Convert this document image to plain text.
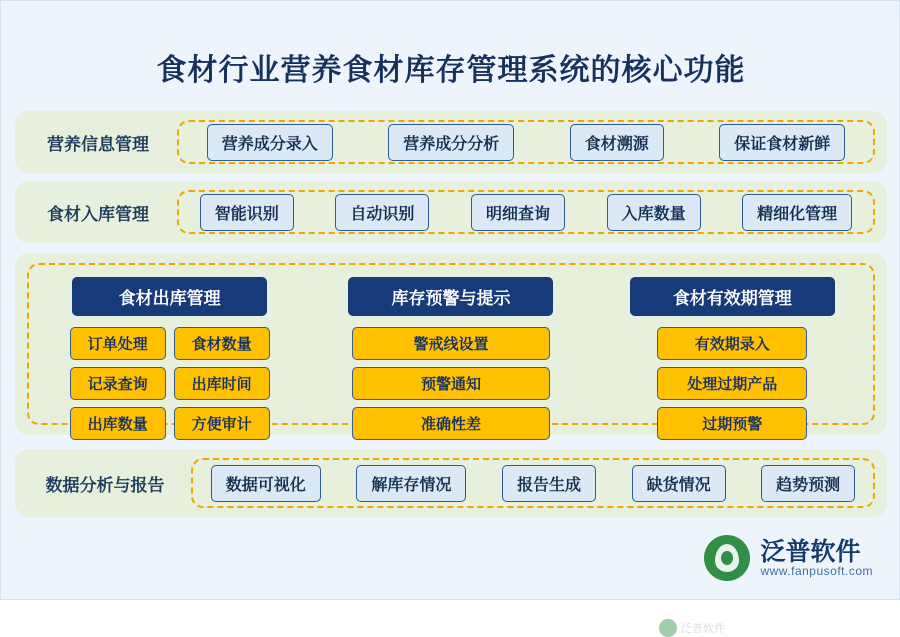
食材行业营养食材库存管理系统的核心功能
营养信息管理	营养成分录入	营养成分分析	食材溯源	保证食材新鲜
食材入库管理	智能识别	自动识别	明细查询	入库数量	精细化管理
食材出库管理
订单处理	食材数量
记录查询	出库时间
出库数量	方便审计
库存预警与提示
警戒线设置
预警通知
准确性差
食材有效期管理
有效期录入
处理过期产品
过期预警
泛普软件
数据分析与报告	数据可视化	解库存情况	报告生成	缺货情况	趋势预测
泛普软件
www.fanpusoft.com
